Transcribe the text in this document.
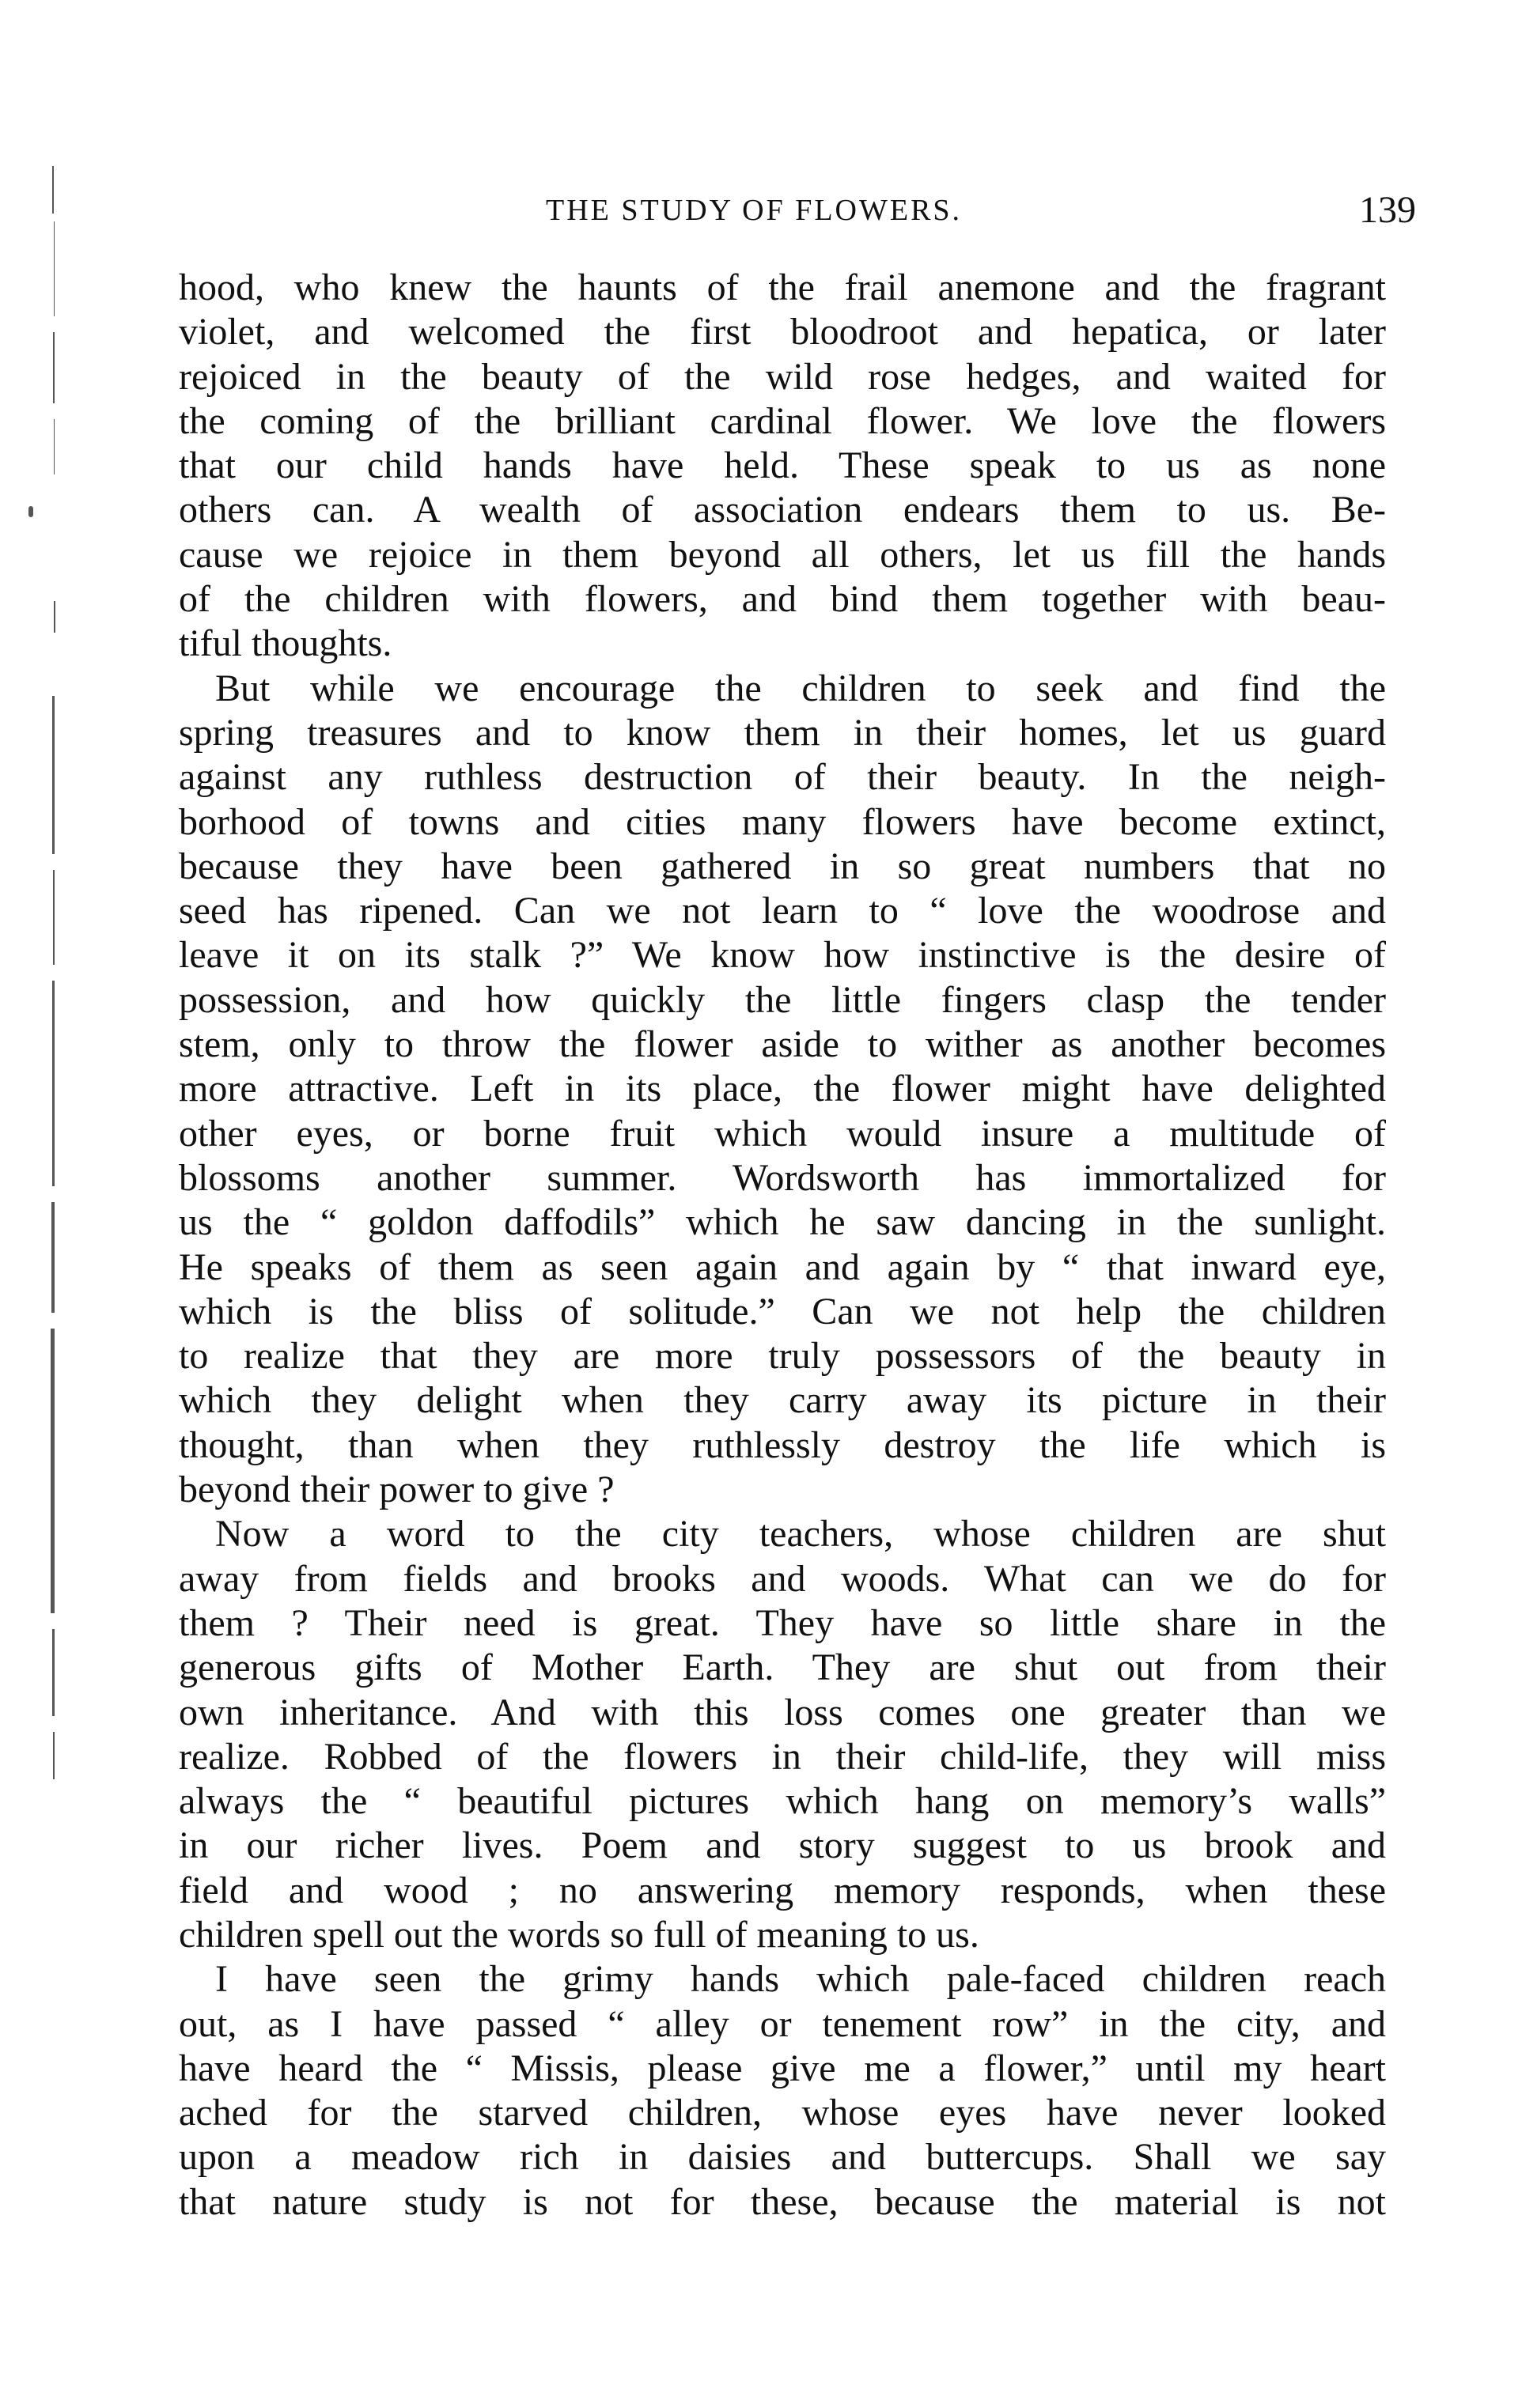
THE STUDY OF FLOWERS.	139
hood, who knew the haunts of the frail anemone and the fragrant
violet, and welcomed the first bloodroot and hepatica, or later
rejoiced in the beauty of the wild rose hedges, and waited for
the coming of the brilliant cardinal flower. We love the flowers
that our child hands have held. These speak to us as none
others can. A wealth of association endears them to us. Be-
cause we rejoice in them beyond all others, let us fill the hands
of the children with flowers, and bind them together with beau-
tiful thoughts.
But while we encourage the children to seek and find the
spring treasures and to know them in their homes, let us guard
against any ruthless destruction of their beauty. In the neigh-
borhood of towns and cities many flowers have become extinct,
because they have been gathered in so great numbers that no
seed has ripened. Can we not learn to “ love the woodrose and
leave it on its stalk ?” We know how instinctive is the desire of
possession, and how quickly the little fingers clasp the tender
stem, only to throw the flower aside to wither as another becomes
more attractive. Left in its place, the flower might have delighted
other eyes, or borne fruit which would insure a multitude of
blossoms another summer. Wordsworth has immortalized for
us the “ goldon daffodils” which he saw dancing in the sunlight.
He speaks of them as seen again and again by “ that inward eye,
which is the bliss of solitude.” Can we not help the children
to realize that they are more truly possessors of the beauty in
which they delight when they carry away its picture in their
thought, than when they ruthlessly destroy the life which is
beyond their power to give ?
Now a word to the city teachers, whose children are shut
away from fields and brooks and woods. What can we do for
them ? Their need is great. They have so little share in the
generous gifts of Mother Earth. They are shut out from their
own inheritance. And with this loss comes one greater than we
realize. Robbed of the flowers in their child-life, they will miss
always the “ beautiful pictures which hang on memory’s walls”
in our richer lives. Poem and story suggest to us brook and
field and wood ; no answering memory responds, when these
children spell out the words so full of meaning to us.
I have seen the grimy hands which pale-faced children reach
out, as I have passed “ alley or tenement row” in the city, and
have heard the “ Missis, please give me a flower,” until my heart
ached for the starved children, whose eyes have never looked
upon a meadow rich in daisies and buttercups. Shall we say
that nature study is not for these, because the material is not
